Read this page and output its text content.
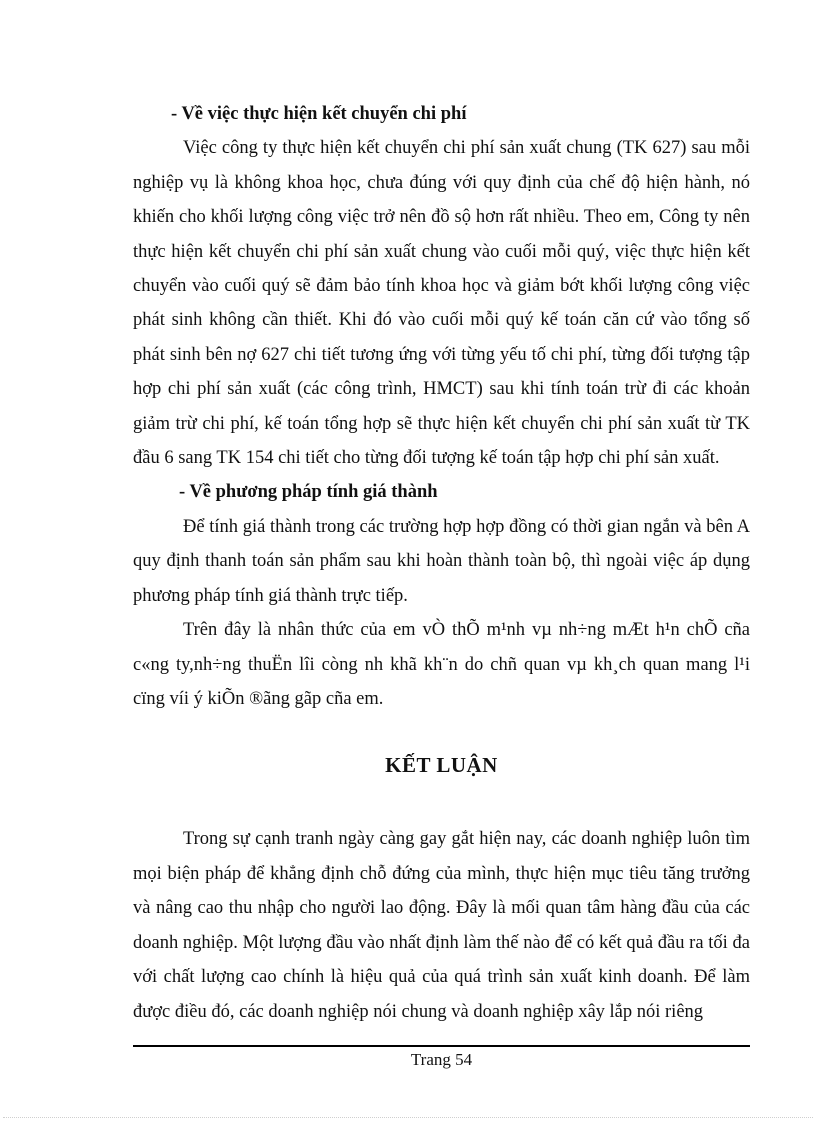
- Về việc thực hiện kết chuyển chi phí

Việc công ty thực hiện kết chuyển chi phí sản xuất chung (TK 627) sau mỗi nghiệp vụ là không khoa học, chưa đúng với quy định của chế độ hiện hành, nó khiến cho khối lượng công việc trở nên đồ sộ hơn rất nhiều. Theo em, Công ty nên thực hiện kết chuyển chi phí sản xuất chung vào cuối mỗi quý, việc thực hiện kết chuyển vào cuối quý sẽ đảm bảo tính khoa học và giảm bớt khối lượng công việc phát sinh không cần thiết. Khi đó vào cuối mỗi quý kế toán căn cứ vào tổng số phát sinh bên nợ 627 chi tiết tương ứng với từng yếu tố chi phí, từng đối tượng tập hợp chi phí sản xuất (các công trình, HMCT) sau khi tính toán trừ đi các khoản giảm trừ chi phí, kế toán tổng hợp sẽ thực hiện kết chuyển chi phí sản xuất từ TK đầu 6 sang TK 154 chi tiết cho từng đối tượng kế toán tập hợp chi phí sản xuất.

- Về phương pháp tính giá thành

Để tính giá thành trong các trường hợp hợp đồng có thời gian ngắn và bên A quy định thanh toán sản phẩm sau khi hoàn thành toàn bộ, thì ngoài việc áp dụng phương pháp tính giá thành trực tiếp.

Trên đây là nhân thức của em vÒ thÕ m¹nh vµ nh÷ng mÆt h¹n chÕ cña c«ng ty,nh÷ng thuËn lîi còng nh khã kh¨n do chñ quan vµ kh¸ch quan mang l¹i cïng víi ý kiÕn ®ãng gãp cña em.

KẾT LUẬN

Trong sự cạnh tranh ngày càng gay gắt hiện nay, các doanh nghiệp luôn tìm mọi biện pháp để khẳng định chỗ đứng của mình, thực hiện mục tiêu tăng trưởng và nâng cao thu nhập cho người lao động. Đây là mối quan tâm hàng đầu của các doanh nghiệp. Một lượng đầu vào nhất định làm thế nào để có kết quả đầu ra tối đa với chất lượng cao chính là hiệu quả của quá trình sản xuất kinh doanh. Để làm được điều đó, các doanh nghiệp nói chung và doanh nghiệp xây lắp nói riêng

Trang 54
